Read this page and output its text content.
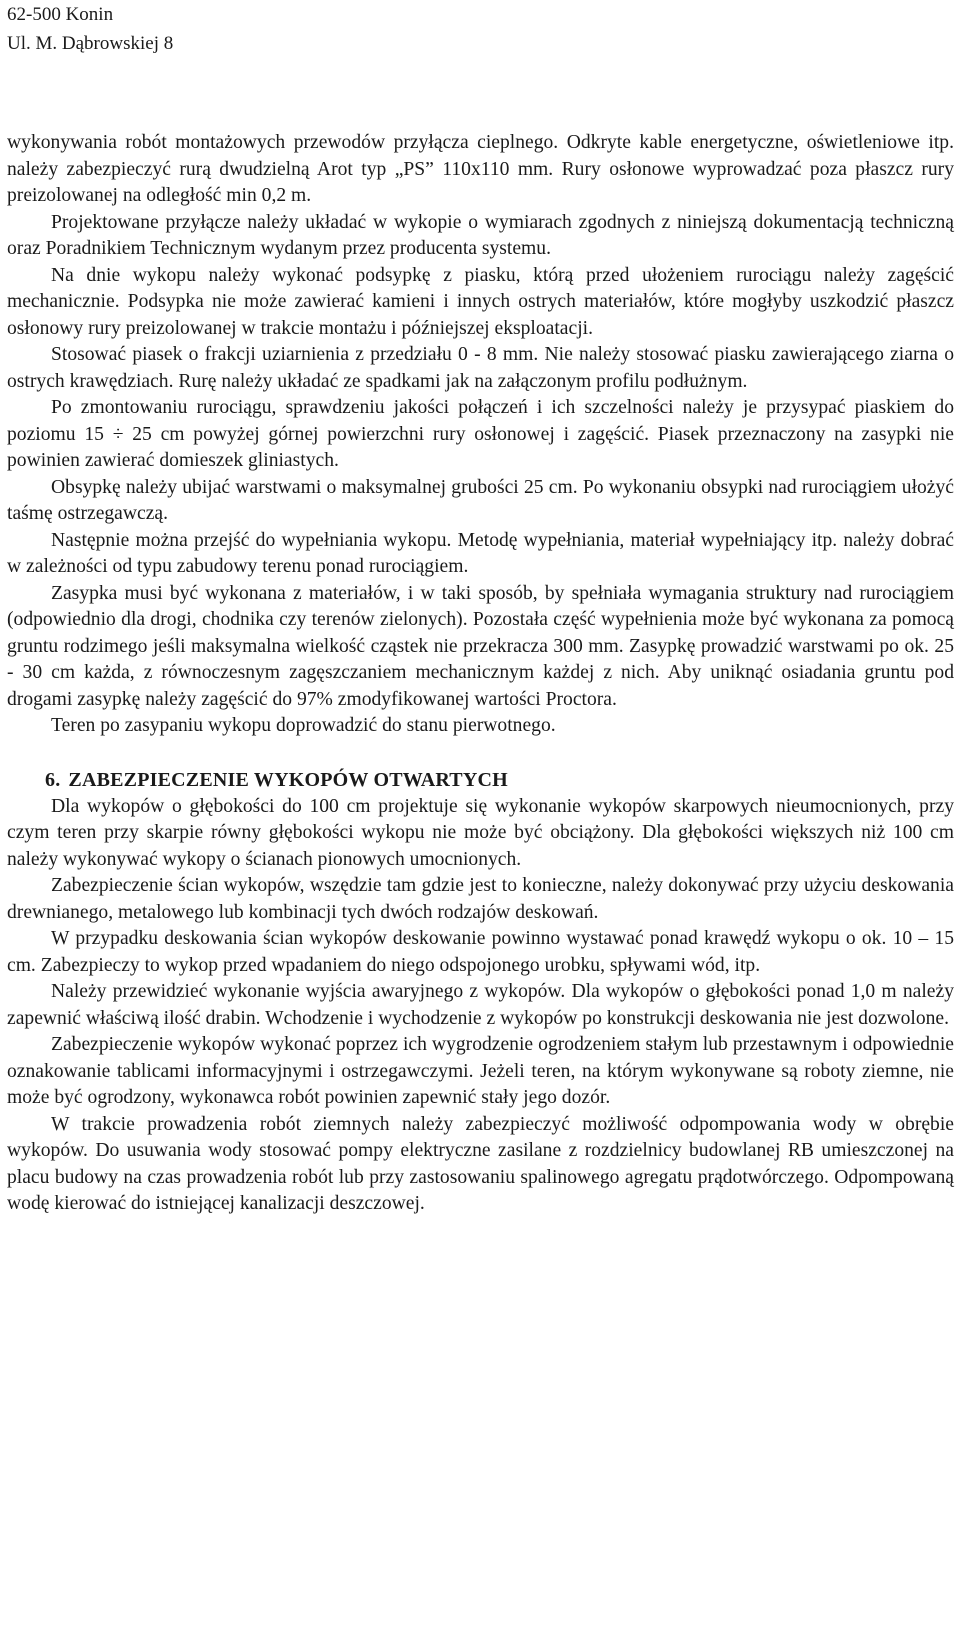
62-500 Konin
Ul. M. Dąbrowskiej 8

wykonywania robót montażowych przewodów przyłącza cieplnego. Odkryte kable energetyczne, oświetleniowe itp. należy zabezpieczyć rurą dwudzielną Arot typ „PS” 110x110 mm. Rury osłonowe wyprowadzać poza płaszcz rury preizolowanej na odległość min 0,2 m.

Projektowane przyłącze należy układać w wykopie o wymiarach zgodnych z niniejszą dokumentacją techniczną oraz Poradnikiem Technicznym wydanym przez producenta systemu.

Na dnie wykopu należy wykonać podsypkę z piasku, którą przed ułożeniem rurociągu należy zagęścić mechanicznie. Podsypka nie może zawierać kamieni i innych ostrych materiałów, które mogłyby uszkodzić płaszcz osłonowy rury preizolowanej w trakcie montażu i późniejszej eksploatacji.

Stosować piasek o frakcji uziarnienia z przedziału 0 - 8 mm. Nie należy stosować piasku zawierającego ziarna o ostrych krawędziach. Rurę należy układać ze spadkami jak na załączonym profilu podłużnym.

Po zmontowaniu rurociągu, sprawdzeniu jakości połączeń i ich szczelności należy je przysypać piaskiem do poziomu 15 ÷ 25 cm powyżej górnej powierzchni rury osłonowej i zagęścić. Piasek przeznaczony na zasypki nie powinien zawierać domieszek gliniastych.

Obsypkę należy ubijać warstwami o maksymalnej grubości 25 cm. Po wykonaniu obsypki nad rurociągiem ułożyć taśmę ostrzegawczą.

Następnie można przejść do wypełniania wykopu. Metodę wypełniania, materiał wypełniający itp. należy dobrać w zależności od typu zabudowy terenu ponad rurociągiem.

Zasypka musi być wykonana z materiałów, i w taki sposób, by spełniała wymagania struktury nad rurociągiem (odpowiednio dla drogi, chodnika czy terenów zielonych). Pozostała część wypełnienia może być wykonana za pomocą gruntu rodzimego jeśli maksymalna wielkość cząstek nie przekracza 300 mm. Zasypkę prowadzić warstwami po ok. 25 - 30 cm każda, z równoczesnym zagęszczaniem mechanicznym każdej z nich. Aby uniknąć osiadania gruntu pod drogami zasypkę należy zagęścić do 97% zmodyfikowanej wartości Proctora.

Teren po zasypaniu wykopu doprowadzić do stanu pierwotnego.

6. ZABEZPIECZENIE WYKOPÓW OTWARTYCH

Dla wykopów o głębokości do 100 cm projektuje się wykonanie wykopów skarpowych nieumocnionych, przy czym teren przy skarpie równy głębokości wykopu nie może być obciążony. Dla głębokości większych niż 100 cm należy wykonywać wykopy o ścianach pionowych umocnionych.

Zabezpieczenie ścian wykopów, wszędzie tam gdzie jest to konieczne, należy dokonywać przy użyciu deskowania drewnianego, metalowego lub kombinacji tych dwóch rodzajów deskowań.

W przypadku deskowania ścian wykopów deskowanie powinno wystawać ponad krawędź wykopu o ok. 10 – 15 cm. Zabezpieczy to wykop przed wpadaniem do niego odspojonego urobku, spływami wód, itp.

Należy przewidzieć wykonanie wyjścia awaryjnego z wykopów. Dla wykopów o głębokości ponad 1,0 m należy zapewnić właściwą ilość drabin. Wchodzenie i wychodzenie z wykopów po konstrukcji deskowania nie jest dozwolone.

Zabezpieczenie wykopów wykonać poprzez ich wygrodzenie ogrodzeniem stałym lub przestawnym i odpowiednie oznakowanie tablicami informacyjnymi i ostrzegawczymi. Jeżeli teren, na którym wykonywane są roboty ziemne, nie może być ogrodzony, wykonawca robót powinien zapewnić stały jego dozór.

W trakcie prowadzenia robót ziemnych należy zabezpieczyć możliwość odpompowania wody w obrębie wykopów. Do usuwania wody stosować pompy elektryczne zasilane z rozdzielnicy budowlanej RB umieszczonej na placu budowy na czas prowadzenia robót lub przy zastosowaniu spalinowego agregatu prądotwórczego. Odpompowaną wodę kierować do istniejącej kanalizacji deszczowej.
